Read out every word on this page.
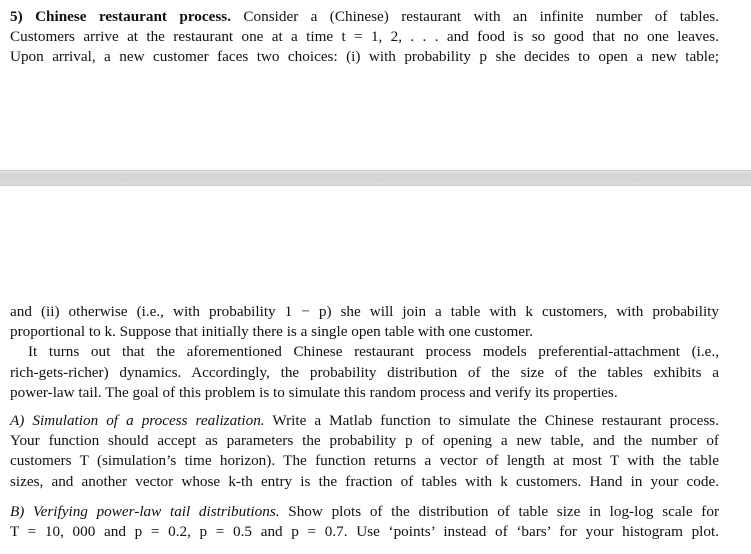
5) Chinese restaurant process. Consider a (Chinese) restaurant with an infinite number of tables.
Customers arrive at the restaurant one at a time t = 1, 2, . . . and food is so good that no one leaves.
Upon arrival, a new customer faces two choices: (i) with probability p she decides to open a new table;
and (ii) otherwise (i.e., with probability 1 − p) she will join a table with k customers, with probability
proportional to k. Suppose that initially there is a single open table with one customer.
It turns out that the aforementioned Chinese restaurant process models preferential-attachment (i.e.,
rich-gets-richer) dynamics. Accordingly, the probability distribution of the size of the tables exhibits a
power-law tail. The goal of this problem is to simulate this random process and verify its properties.
A) Simulation of a process realization. Write a Matlab function to simulate the Chinese restaurant process.
Your function should accept as parameters the probability p of opening a new table, and the number of
customers T (simulation’s time horizon). The function returns a vector of length at most T with the table
sizes, and another vector whose k-th entry is the fraction of tables with k customers. Hand in your code.
B) Verifying power-law tail distributions. Show plots of the distribution of table size in log-log scale for
T = 10, 000 and p = 0.2, p = 0.5 and p = 0.7. Use ‘points’ instead of ‘bars’ for your histogram plot.
